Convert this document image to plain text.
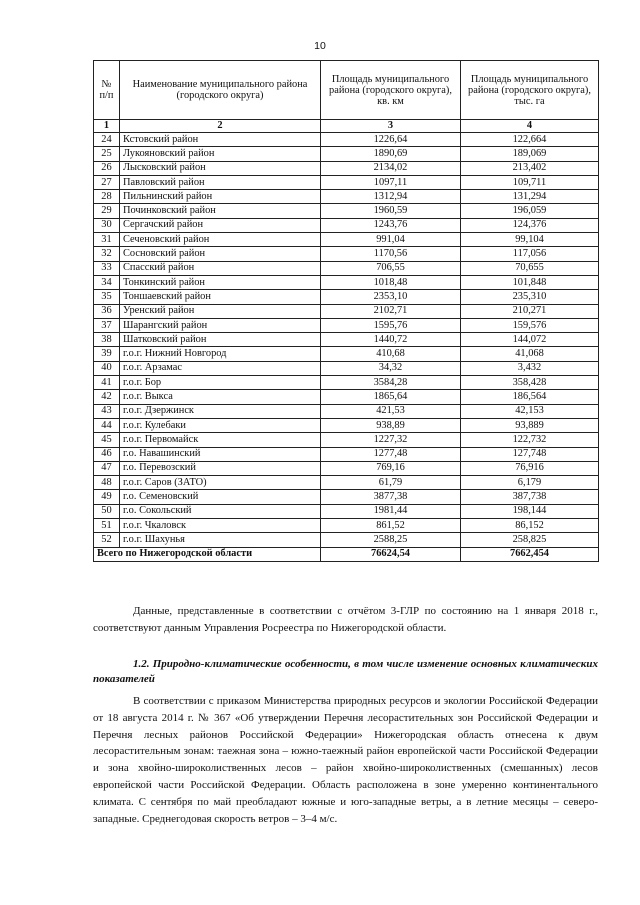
10
№ п/п	Наименование муниципального района (городского округа)	Площадь муниципального района (городского округа), кв. км	Площадь муниципального района (городского округа), тыс. га
1	2	3	4
24	Кстовский район	1226,64	122,664
25	Лукояновский район	1890,69	189,069
26	Лысковский район	2134,02	213,402
27	Павловский район	1097,11	109,711
28	Пильнинский район	1312,94	131,294
29	Починковский район	1960,59	196,059
30	Сергачский район	1243,76	124,376
31	Сеченовский район	991,04	99,104
32	Сосновский район	1170,56	117,056
33	Спасский район	706,55	70,655
34	Тонкинский район	1018,48	101,848
35	Тоншаевский район	2353,10	235,310
36	Уренский район	2102,71	210,271
37	Шарангский район	1595,76	159,576
38	Шатковский район	1440,72	144,072
39	г.о.г. Нижний Новгород	410,68	41,068
40	г.о.г. Арзамас	34,32	3,432
41	г.о.г. Бор	3584,28	358,428
42	г.о.г. Выкса	1865,64	186,564
43	г.о.г. Дзержинск	421,53	42,153
44	г.о.г. Кулебаки	938,89	93,889
45	г.о.г. Первомайск	1227,32	122,732
46	г.о. Навашинский	1277,48	127,748
47	г.о. Перевозский	769,16	76,916
48	г.о.г. Саров (ЗАТО)	61,79	6,179
49	г.о. Семеновский	3877,38	387,738
50	г.о. Сокольский	1981,44	198,144
51	г.о.г. Чкаловск	861,52	86,152
52	г.о.г. Шахунья	2588,25	258,825
Всего по Нижегородской области		76624,54	7662,454
Данные, представленные в соответствии с отчётом 3-ГЛР по состоянию на 1 января 2018 г., соответствуют данным Управления Росреестра по Нижегородской области.
1.2. Природно-климатические особенности, в том числе изменение основных климатических показателей
В соответствии с приказом Министерства природных ресурсов и экологии Российской Федерации от 18 августа 2014 г. № 367 «Об утверждении Перечня лесорастительных зон Российской Федерации и Перечня лесных районов Российской Федерации» Нижегородская область отнесена к двум лесорастительным зонам: таежная зона – южно-таежный район европейской части Российской Федерации и зона хвойно-широколиственных лесов – район хвойно-широколиственных (смешанных) лесов европейской части Российской Федерации. Область расположена в зоне умеренно континентального климата. С сентября по май преобладают южные и юго-западные ветры, а в летние месяцы – северо-западные. Среднегодовая скорость ветров – 3–4 м/с.
